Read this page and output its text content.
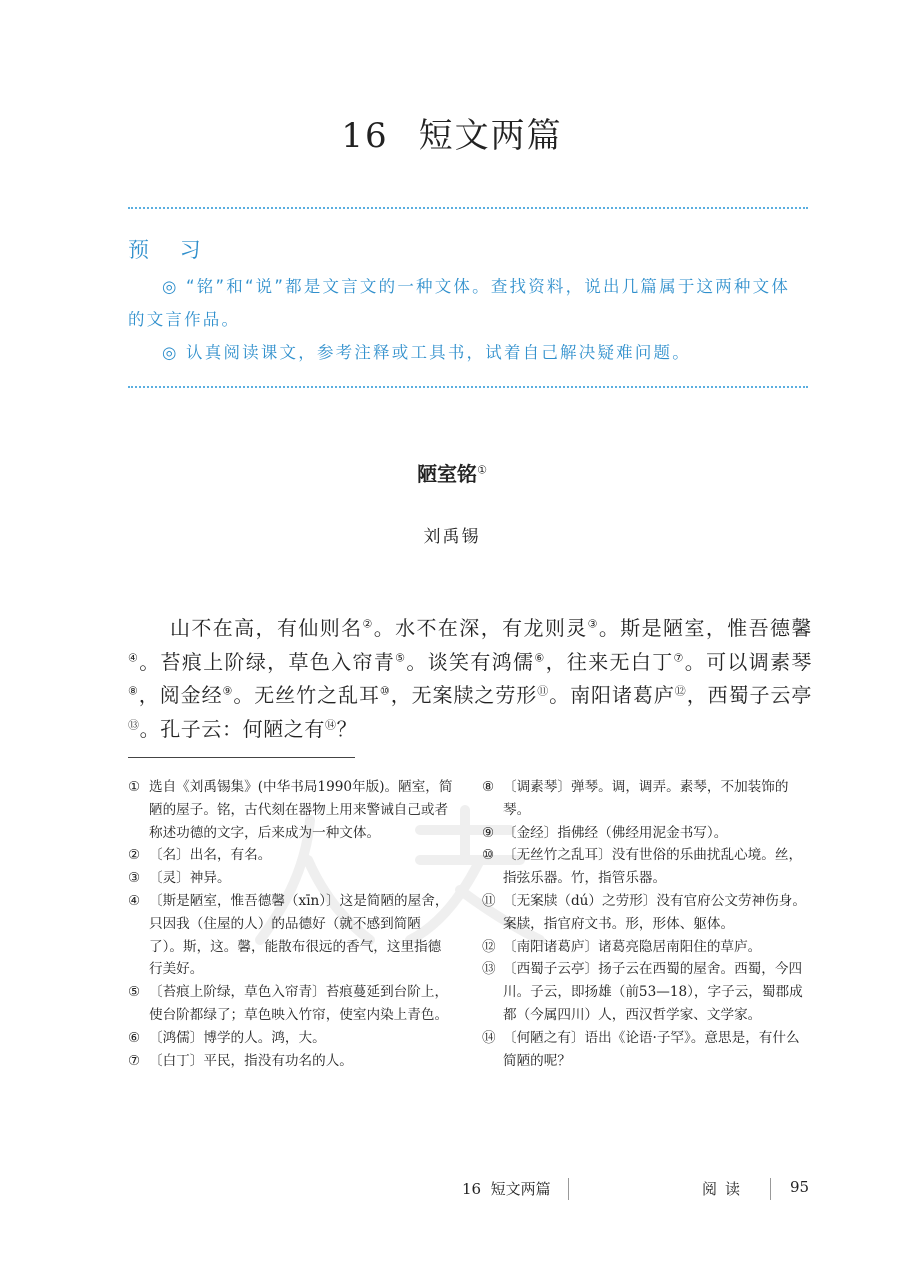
16 短文两篇
预 习

◎ “铭”和“说”都是文言文的一种文体。查找资料，说出几篇属于这两种文体的文言作品。

◎ 认真阅读课文，参考注释或工具书，试着自己解决疑难问题。

陋室铭①
刘禹锡
山不在高，有仙则名②。水不在深，有龙则灵③。斯是陋室，惟吾德馨④。苔痕上阶绿，草色入帘青⑤。谈笑有鸿儒⑥，往来无白丁⑦。可以调素琴⑧，阅金经⑨。无丝竹之乱耳⑩，无案牍之劳形⑪。南阳诸葛庐⑫，西蜀子云亭⑬。孔子云：何陋之有⑭？

① 选自《刘禹锡集》(中华书局1990年版)。陋室，简陋的屋子。铭，古代刻在器物上用来警诫自己或者称述功德的文字，后来成为一种文体。

② 〔名〕出名，有名。

③ 〔灵〕神异。

④ 〔斯是陋室，惟吾德馨（xīn）〕这是简陋的屋舍，只因我（住屋的人）的品德好（就不感到简陋了）。斯，这。馨，能散布很远的香气，这里指德行美好。

⑤ 〔苔痕上阶绿，草色入帘青〕苔痕蔓延到台阶上，使台阶都绿了；草色映入竹帘，使室内染上青色。

⑥ 〔鸿儒〕博学的人。鸿，大。

⑦ 〔白丁〕平民，指没有功名的人。

⑧ 〔调素琴〕弹琴。调，调弄。素琴，不加装饰的琴。

⑨ 〔金经〕指佛经（佛经用泥金书写）。

⑩ 〔无丝竹之乱耳〕没有世俗的乐曲扰乱心境。丝，指弦乐器。竹，指管乐器。

⑪ 〔无案牍（dú）之劳形〕没有官府公文劳神伤身。案牍，指官府文书。形，形体、躯体。

⑫ 〔南阳诸葛庐〕诸葛亮隐居南阳住的草庐。

⑬ 〔西蜀子云亭〕扬子云在西蜀的屋舍。西蜀，今四川。子云，即扬雄（前53—18），字子云，蜀郡成都（今属四川）人，西汉哲学家、文学家。

⑭ 〔何陋之有〕语出《论语·子罕》。意思是，有什么简陋的呢？

16  短文两篇	阅读	95
